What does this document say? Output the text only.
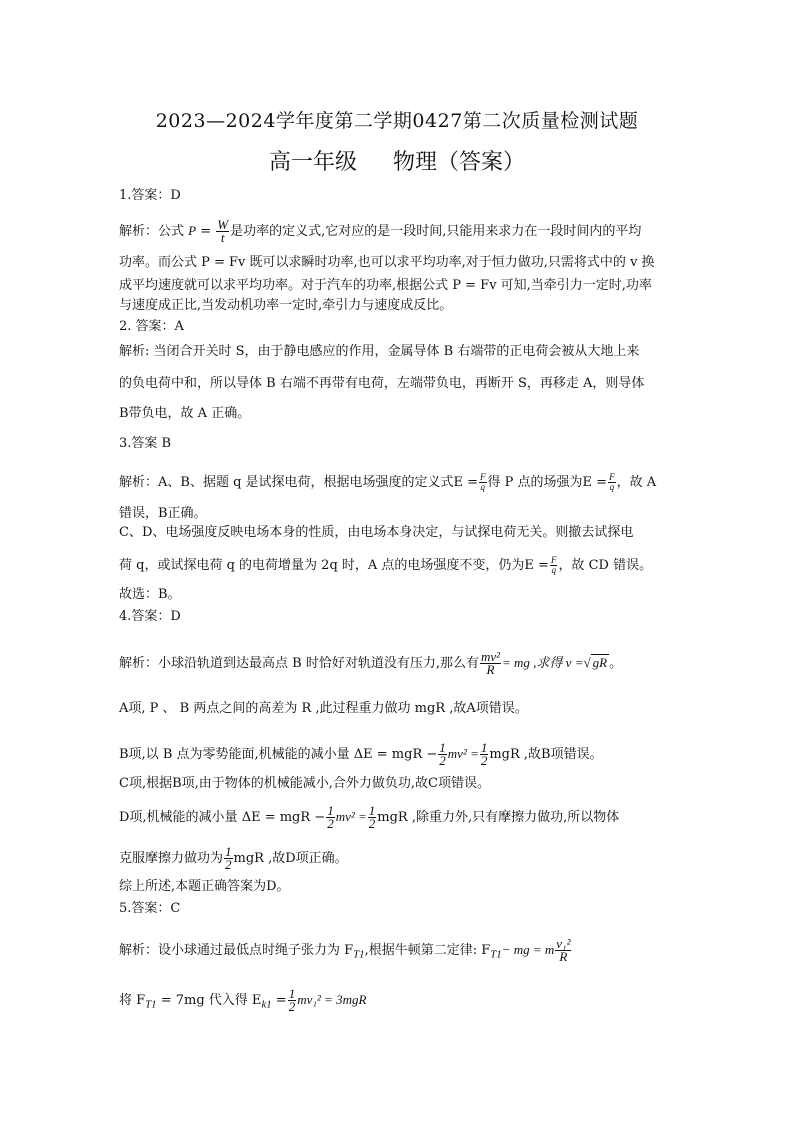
2023—2024学年度第二学期0427第二次质量检测试题
高一年级 物理（答案）
1.答案：D
解析：公式 $P = \frac{W}{t}$ 是功率的定义式,它对应的是一段时间,只能用来求力在一段时间内的平均
功率。而公式 P = Fv 既可以求瞬时功率,也可以求平均功率,对于恒力做功,只需将式中的 v 换
成平均速度就可以求平均功率。对于汽车的功率,根据公式 P = Fv 可知,当牵引力一定时,功率
与速度成正比,当发动机功率一定时,牵引力与速度成反比。
2. 答案：A
解析: 当闭合开关时 S，由于静电感应的作用，金属导体 B 右端带的正电荷会被从大地上来
的负电荷中和，所以导体 B 右端不再带有电荷，左端带负电，再断开 S，再移走 A，则导体
B带负电，故 A 正确。
3.答案 B
解析：A、B、据题 q 是试探电荷，根据电场强度的定义式$E = \frac{F}{q}$ 得 P 点的场强为$E = \frac{F}{q}$ ，故 A
错误，B正确。
C、D、电场强度反映电场本身的性质，由电场本身决定，与试探电荷无关。则撤去试探电
荷 q，或试探电荷 q 的电荷增量为 2q 时，A 点的电场强度不变，仍为$E = \frac{F}{q}$ ，故 CD 错误。
故选：B。
4.答案：D
解析：小球沿轨道到达最高点 B 时恰好对轨道没有压力,那么有 $\frac{\text{mv²}}{R}$ = mg ,求得 v =√ gR 。
A项, P 、 B 两点之间的高差为 R ,此过程重力做功 mgR ,故A项错误。
B项,以 B 点为零势能面,机械能的减小量 ΔE = mgR − $\frac{1}{2} mv^2 = \frac{1}{2}$ mgR ,故B项错误。
C项,根据B项,由于物体的机械能减小,合外力做负功,故C项错误。
D项,机械能的减小量 ΔE = mgR − $\frac{1}{2} mv^2 = \frac{1}{2}$ mgR ,除重力外,只有摩擦力做功,所以物体
克服摩擦力做功为 $\frac{1}{2}$ mgR ,故D项正确。
综上所述,本题正确答案为D。
5.答案：C
解析：设小球通过最低点时绳子张力为 $F_{T1}$,根据牛顿第二定律: $F_{T1}-$ mg = m $\frac{\text{v₁²}}{R}$
将 $F_{T1} = 7mg$ 代入得 $E_{k1} = \frac{1}{2} mv_1^2 = 3mgR$
